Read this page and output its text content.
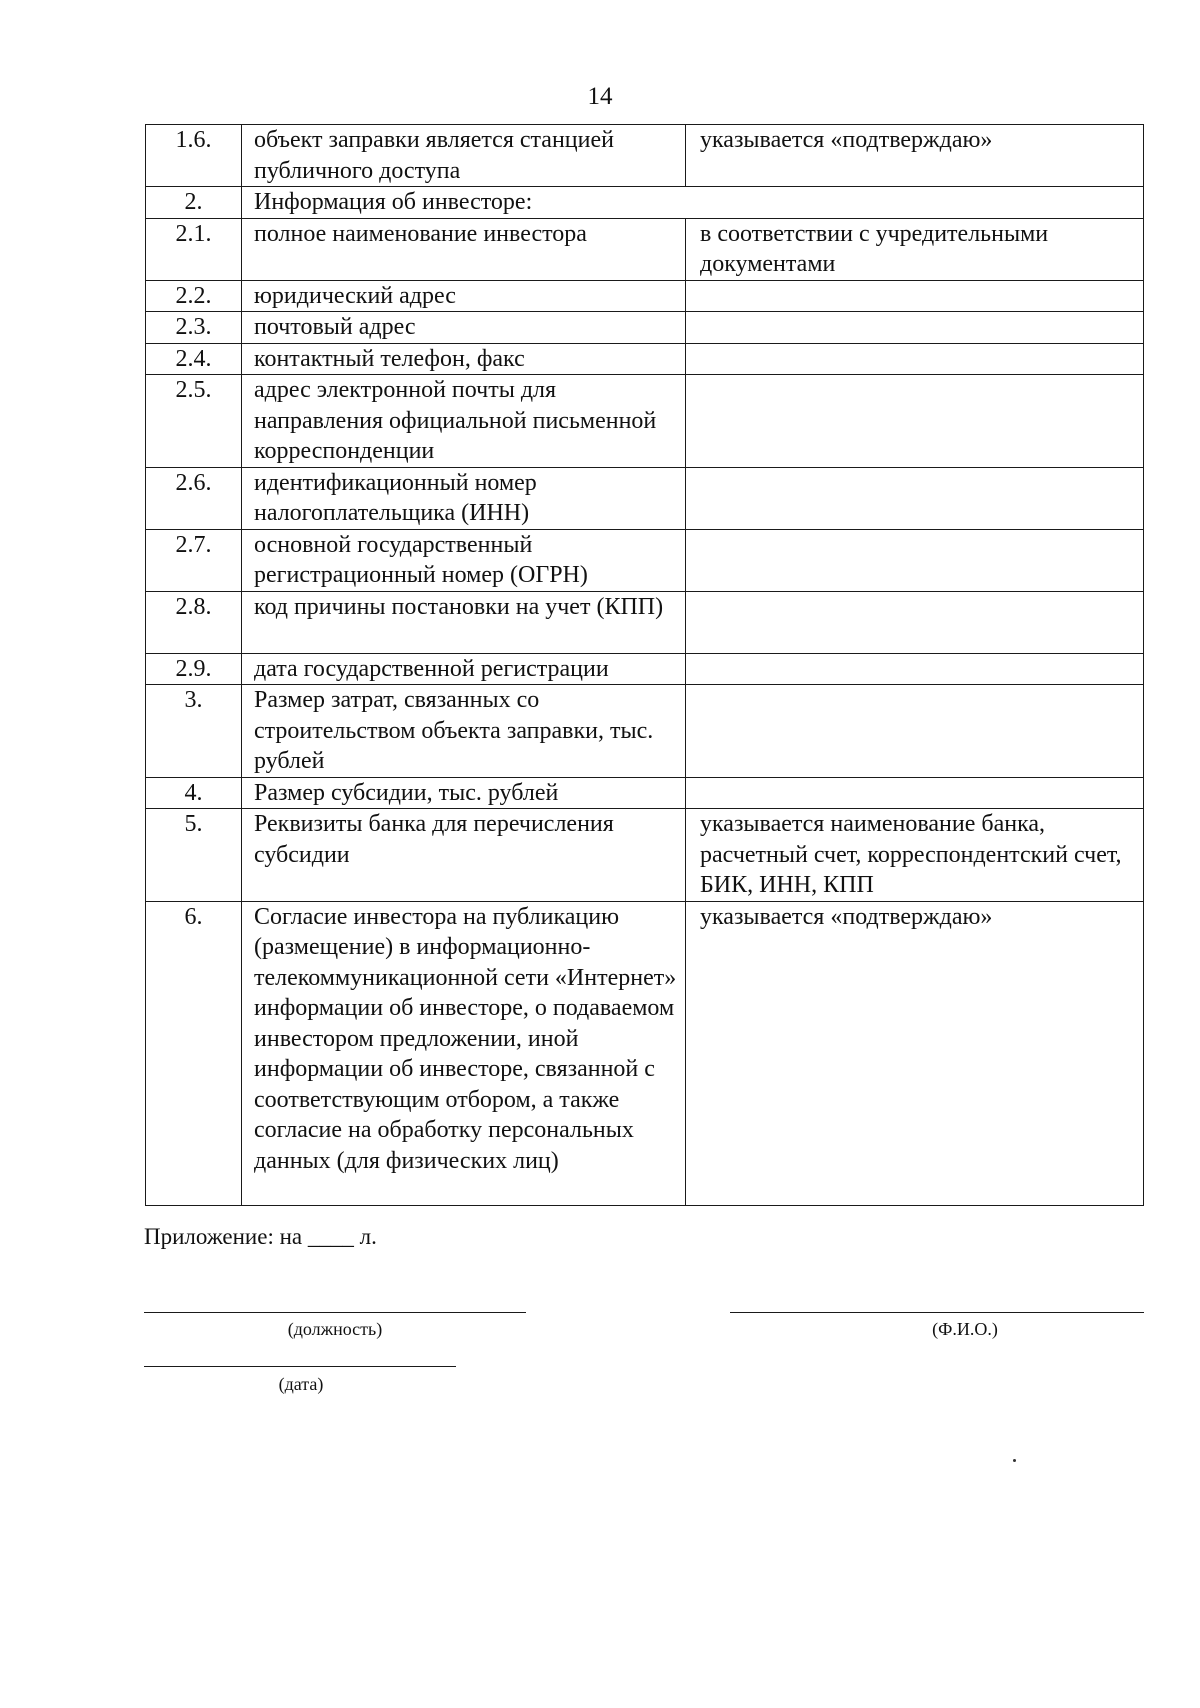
14
1.6.	объект заправки является станцией публичного доступа	указывается «подтверждаю»
2.	Информация об инвесторе:	
2.1.	полное наименование инвестора	в соответствии с учредительными документами
2.2.	юридический адрес	
2.3.	почтовый адрес	
2.4.	контактный телефон, факс	
2.5.	адрес электронной почты для направления официальной письменной корреспонденции	
2.6.	идентификационный номер налогоплательщика (ИНН)	
2.7.	основной государственный регистрационный номер (ОГРН)	
2.8.	код причины постановки на учет (КПП)	
2.9.	дата государственной регистрации	
3.	Размер затрат, связанных со строительством объекта заправки, тыс. рублей	
4.	Размер субсидии, тыс. рублей	
5.	Реквизиты банка для перечисления субсидии	указывается наименование банка, расчетный счет, корреспондентский счет, БИК, ИНН, КПП
6.	Согласие инвестора на публикацию (размещение) в информационно-телекоммуникационной сети «Интернет» информации об инвесторе, о подаваемом инвестором предложении, иной информации об инвесторе, связанной с соответствующим отбором, а также согласие на обработку персональных данных (для физических лиц)	указывается «подтверждаю»
Приложение: на ____ л.
(должность)	(Ф.И.О.)
(дата)
